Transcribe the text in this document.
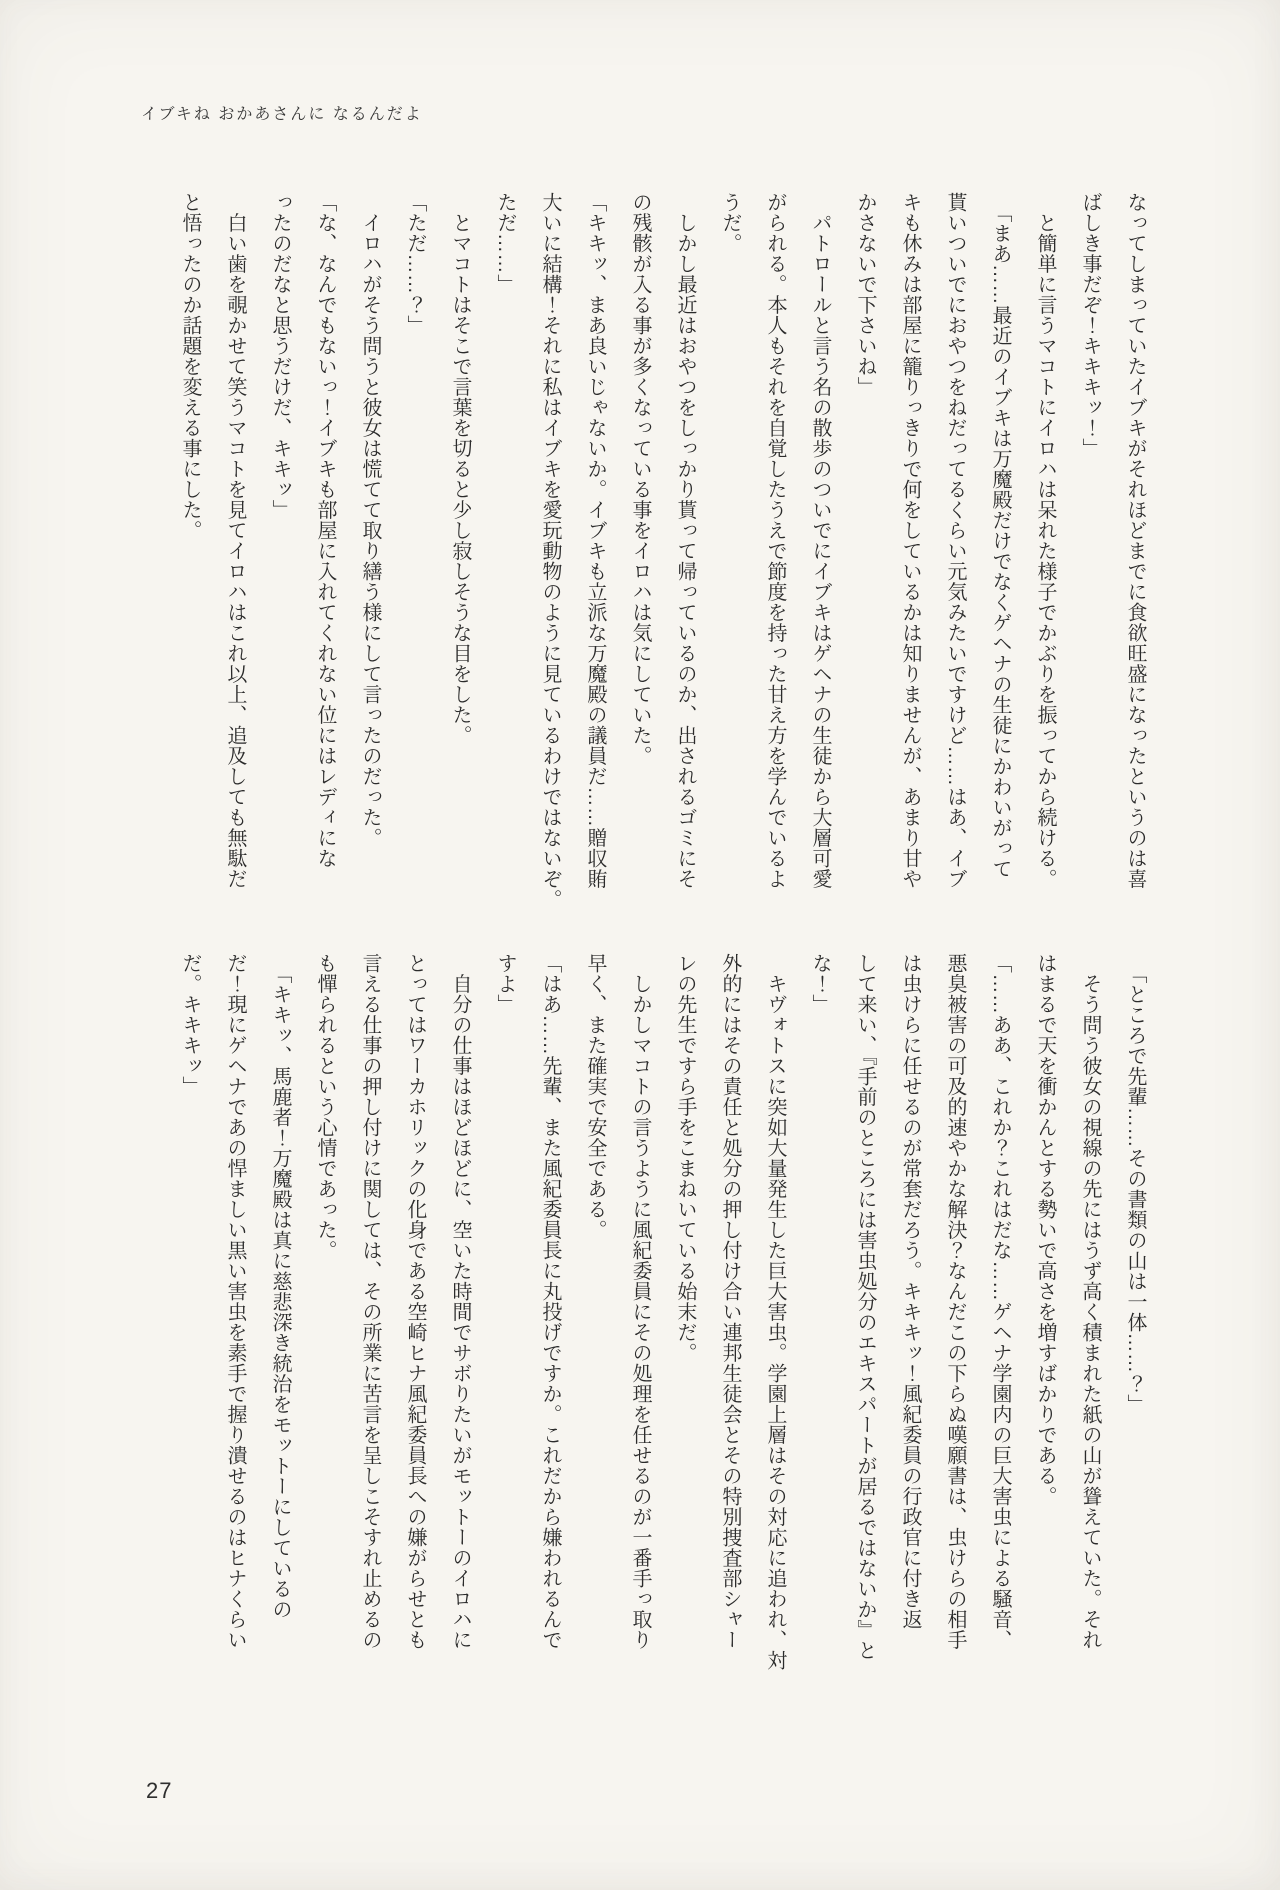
イブキね おかあさんに なるんだよ
なってしまっていたイブキがそれほどまでに食欲旺盛になったというのは喜
ばしき事だぞ！キキキッ！」
　と簡単に言うマコトにイロハは呆れた様子でかぶりを振ってから続ける。
　「まあ……最近のイブキは万魔殿だけでなくゲヘナの生徒にかわいがって
貰いついでにおやつをねだってるくらい元気みたいですけど……はあ、イブ
キも休みは部屋に籠りっきりで何をしているかは知りませんが、あまり甘や
かさないで下さいね」
　パトロールと言う名の散歩のついでにイブキはゲヘナの生徒から大層可愛
がられる。本人もそれを自覚したうえで節度を持った甘え方を学んでいるよ
うだ。
　しかし最近はおやつをしっかり貰って帰っているのか、出されるゴミにそ
の残骸が入る事が多くなっている事をイロハは気にしていた。
「キキッ、まあ良いじゃないか。イブキも立派な万魔殿の議員だ……贈収賄
大いに結構！それに私はイブキを愛玩動物のように見ているわけではないぞ。
ただ……」
　とマコトはそこで言葉を切ると少し寂しそうな目をした。
「ただ……？」
　イロハがそう問うと彼女は慌てて取り繕う様にして言ったのだった。
「な、なんでもないっ！イブキも部屋に入れてくれない位にはレディにな
ったのだなと思うだけだ、キキッ」
　白い歯を覗かせて笑うマコトを見てイロハはこれ以上、追及しても無駄だ
と悟ったのか話題を変える事にした。
　「ところで先輩……その書類の山は一体……？」
　そう問う彼女の視線の先にはうず高く積まれた紙の山が聳えていた。それ
はまるで天を衝かんとする勢いで高さを増すばかりである。
「……ああ、これか？これはだな……ゲヘナ学園内の巨大害虫による騒音、
悪臭被害の可及的速やかな解決？なんだこの下らぬ嘆願書は、虫けらの相手
は虫けらに任せるのが常套だろう。キキキッ！風紀委員の行政官に付き返
して来い、『手前のところには害虫処分のエキスパートが居るではないか』と
な！」
　キヴォトスに突如大量発生した巨大害虫。学園上層はその対応に追われ、対
外的にはその責任と処分の押し付け合い連邦生徒会とその特別捜査部シャー
レの先生ですら手をこまねいている始末だ。
　しかしマコトの言うように風紀委員にその処理を任せるのが一番手っ取り
早く、また確実で安全である。
「はあ……先輩、また風紀委員長に丸投げですか。これだから嫌われるんで
すよ」
　自分の仕事はほどほどに、空いた時間でサボりたいがモットーのイロハに
とってはワーカホリックの化身である空崎ヒナ風紀委員長への嫌がらせとも
言える仕事の押し付けに関しては、その所業に苦言を呈しこそすれ止めるの
も憚られるという心情であった。
　「キキッ、馬鹿者！万魔殿は真に慈悲深き統治をモットーにしているの
だ！現にゲヘナであの悍ましい黒い害虫を素手で握り潰せるのはヒナくらい
だ。キキキッ」
27
